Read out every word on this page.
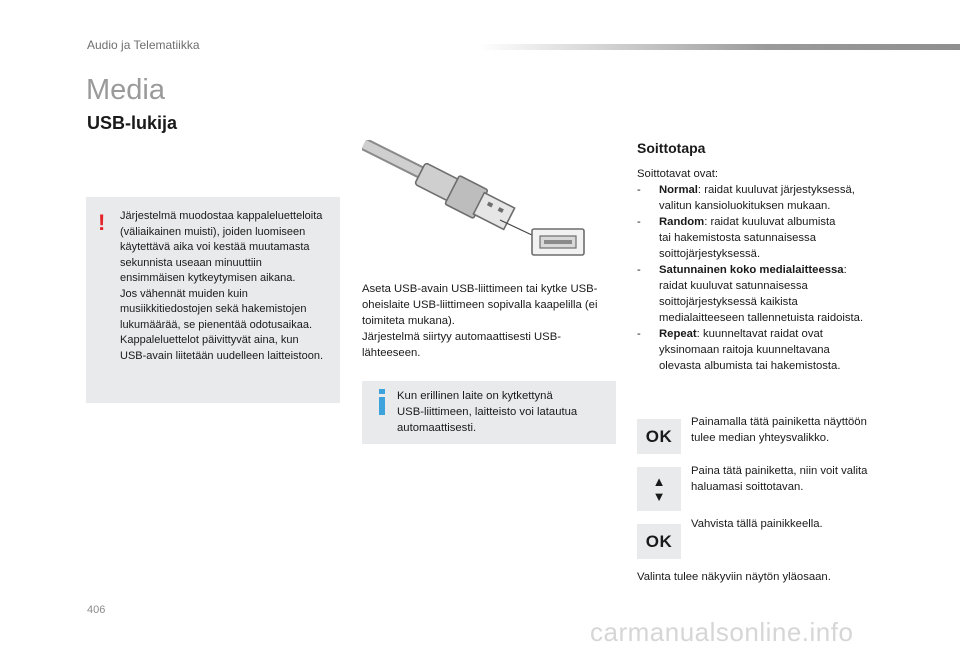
Audio ja Telematiikka
Media
USB-lukija
! Järjestelmä muodostaa kappaleluetteloita
(väliaikainen muisti), joiden luomiseen
käytettävä aika voi kestää muutamasta
sekunnista useaan minuuttiin
ensimmäisen kytkeytymisen aikana.
Jos vähennät muiden kuin
musiikkitiedostojen sekä hakemistojen
lukumäärää, se pienentää odotusaikaa.
Kappaleluettelot päivittyvät aina, kun
USB-avain liitetään uudelleen laitteistoon.
Aseta USB-avain USB-liittimeen tai kytke USB-
oheislaite USB-liittimeen sopivalla kaapelilla (ei
toimiteta mukana).
Järjestelmä siirtyy automaattisesti USB-
lähteeseen.
Kun erillinen laite on kytkettynä
USB-liittimeen, laitteisto voi latautua
automaattisesti.
Soittotapa
Soittotavat ovat:
- Normal: raidat kuuluvat järjestyksessä,
valitun kansioluokituksen mukaan.
- Random: raidat kuuluvat albumista
tai hakemistosta satunnaisessa
soittojärjestyksessä.
- Satunnainen koko medialaitteessa:
raidat kuuluvat satunnaisessa
soittojärjestyksessä kaikista
medialaitteeseen tallennetuista raidoista.
- Repeat: kuunneltavat raidat ovat
yksinomaan raitoja kuunneltavana
olevasta albumista tai hakemistosta.
OK
Painamalla tätä painiketta näyttöön
tulee median yhteysvalikko.
▲
▼
Paina tätä painiketta, niin voit valita
haluamasi soittotavan.
OK
Vahvista tällä painikkeella.
Valinta tulee näkyviin näytön yläosaan.
406
carmanualsonline.info
